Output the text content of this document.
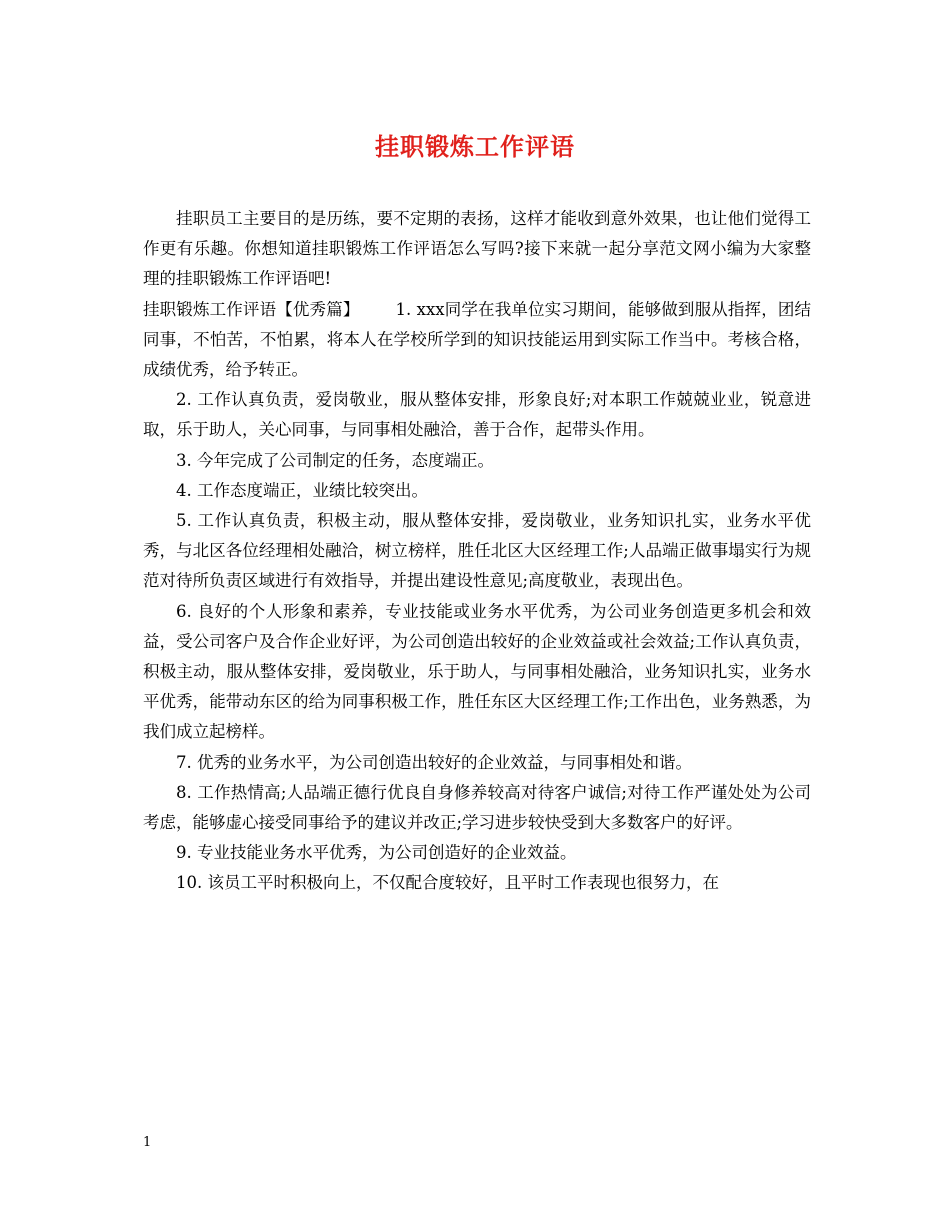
挂职锻炼工作评语

挂职员工主要目的是历练，要不定期的表扬，这样才能收到意外效果，也让他们觉得工作更有乐趣。你想知道挂职锻炼工作评语怎么写吗?接下来就一起分享范文网小编为大家整理的挂职锻炼工作评语吧!

挂职锻炼工作评语【优秀篇】 1. xxx同学在我单位实习期间，能够做到服从指挥，团结同事，不怕苦，不怕累，将本人在学校所学到的知识技能运用到实际工作当中。考核合格，成绩优秀，给予转正。

2. 工作认真负责，爱岗敬业，服从整体安排，形象良好;对本职工作兢兢业业，锐意进取，乐于助人，关心同事，与同事相处融洽，善于合作，起带头作用。

3. 今年完成了公司制定的任务，态度端正。

4. 工作态度端正，业绩比较突出。

5. 工作认真负责，积极主动，服从整体安排，爱岗敬业，业务知识扎实，业务水平优秀，与北区各位经理相处融洽，树立榜样，胜任北区大区经理工作;人品端正做事塌实行为规范对待所负责区域进行有效指导，并提出建设性意见;高度敬业，表现出色。

6. 良好的个人形象和素养，专业技能或业务水平优秀，为公司业务创造更多机会和效益，受公司客户及合作企业好评，为公司创造出较好的企业效益或社会效益;工作认真负责，积极主动，服从整体安排，爱岗敬业，乐于助人，与同事相处融洽，业务知识扎实，业务水平优秀，能带动东区的给为同事积极工作，胜任东区大区经理工作;工作出色，业务熟悉，为我们成立起榜样。

7. 优秀的业务水平，为公司创造出较好的企业效益，与同事相处和谐。

8. 工作热情高;人品端正德行优良自身修养较高对待客户诚信;对待工作严谨处处为公司考虑，能够虚心接受同事给予的建议并改正;学习进步较快受到大多数客户的好评。

9. 专业技能业务水平优秀，为公司创造好的企业效益。

10. 该员工平时积极向上，不仅配合度较好，且平时工作表现也很努力，在

1
